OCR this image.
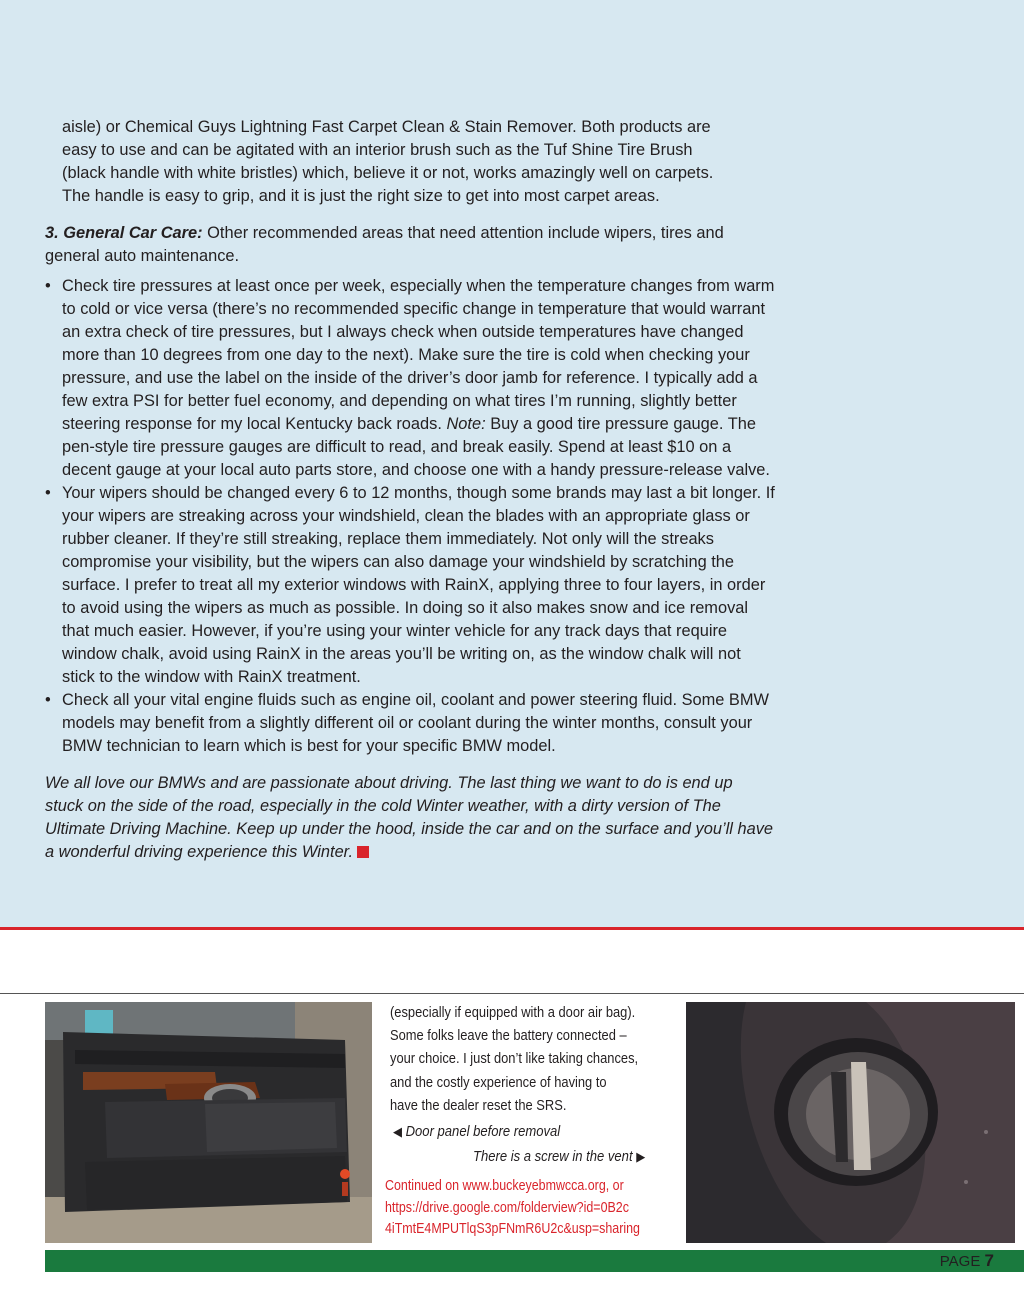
aisle) or Chemical Guys Lightning Fast Carpet Clean & Stain Remover. Both products are

easy to use and can be agitated with an interior brush such as the Tuf Shine Tire Brush

(black handle with white bristles) which, believe it or not, works amazingly well on carpets.

The handle is easy to grip, and it is just the right size to get into most carpet areas.

3. General Car Care: Other recommended areas that need attention include wipers, tires and general auto maintenance.

• Check tire pressures at least once per week, especially when the temperature changes from warm to cold or vice versa (there’s no recommended specific change in temperature that would warrant an extra check of tire pressures, but I always check when outside temperatures have changed more than 10 degrees from one day to the next). Make sure the tire is cold when checking your pressure, and use the label on the inside of the driver’s door jamb for reference. I typically add a few extra PSI for better fuel economy, and depending on what tires I’m running, slightly better steering response for my local Kentucky back roads. Note: Buy a good tire pressure gauge. The pen-style tire pressure gauges are difficult to read, and break easily. Spend at least $10 on a decent gauge at your local auto parts store, and choose one with a handy pressure-release valve.
• Your wipers should be changed every 6 to 12 months, though some brands may last a bit longer. If your wipers are streaking across your windshield, clean the blades with an appropriate glass or rubber cleaner. If they’re still streaking, replace them immediately. Not only will the streaks compromise your visibility, but the wipers can also damage your windshield by scratching the surface. I prefer to treat all my exterior windows with RainX, applying three to four layers, in order to avoid using the wipers as much as possible. In doing so it also makes snow and ice removal that much easier. However, if you’re using your winter vehicle for any track days that require window chalk, avoid using RainX in the areas you’ll be writing on, as the window chalk will not stick to the window with RainX treatment.
• Check all your vital engine fluids such as engine oil, coolant and power steering fluid. Some BMW models may benefit from a slightly different oil or coolant during the winter months, consult your BMW technician to learn which is best for your specific BMW model.

We all love our BMWs and are passionate about driving. The last thing we want to do is end up stuck on the side of the road, especially in the cold Winter weather, with a dirty version of The Ultimate Driving Machine. Keep up under the hood, inside the car and on the surface and you’ll have a wonderful driving experience this Winter.

(especially if equipped with a door air bag).
Some folks leave the battery connected –
your choice. I just don’t like taking chances,
and the costly experience of having to
have the dealer reset the SRS.

◀ Door panel before removal

There is a screw in the vent ▶

Continued on www.buckeyebmwcca.org, or
https://drive.google.com/folderview?id=0B2c
4iTmtE4MPUTlqS3pFNmR6U2c&usp=sharing
PAGE 7
